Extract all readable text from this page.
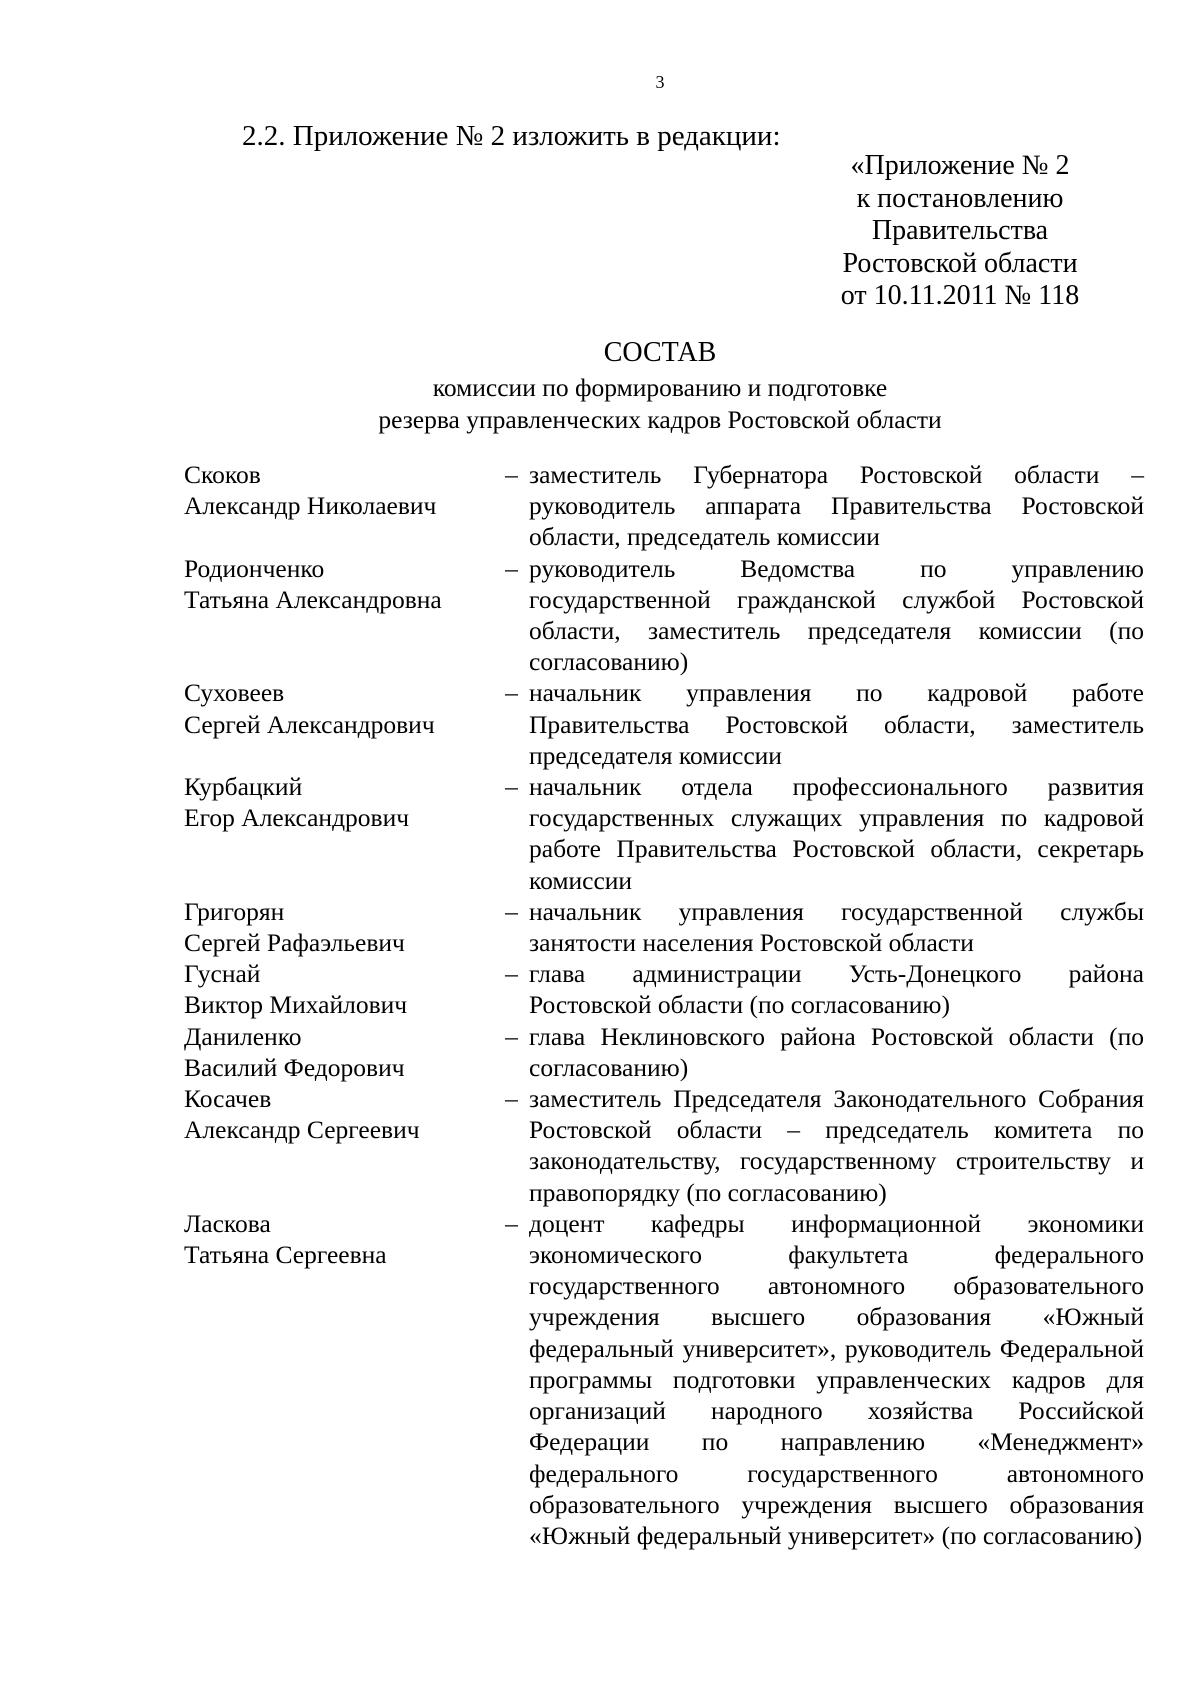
3
2.2. Приложение № 2 изложить в редакции:
«Приложение № 2
к постановлению
Правительства
Ростовской области
от 10.11.2011 № 118
СОСТАВ
комиссии по формированию и подготовке
резерва управленческих кадров Ростовской области
Скоков
Александр Николаевич
– заместитель Губернатора Ростовской области – руководитель аппарата Правительства Ростовской области, председатель комиссии
Родионченко
Татьяна Александровна
– руководитель Ведомства по управлению государственной гражданской службой Ростовской области, заместитель председателя комиссии (по согласованию)
Суховеев
Сергей Александрович
– начальник управления по кадровой работе Правительства Ростовской области, заместитель председателя комиссии
Курбацкий
Егор Александрович
– начальник отдела профессионального развития государственных служащих управления по кадровой работе Правительства Ростовской области, секретарь комиссии
Григорян
Сергей Рафаэльевич
– начальник управления государственной службы занятости населения Ростовской области
Гуснай
Виктор Михайлович
– глава администрации Усть-Донецкого района Ростовской области (по согласованию)
Даниленко
Василий Федорович
– глава Неклиновского района Ростовской области (по согласованию)
Косачев
Александр Сергеевич
– заместитель Председателя Законодательного Собрания Ростовской области – председатель комитета по законодательству, государственному строительству и правопорядку (по согласованию)
Ласкова
Татьяна Сергеевна
– доцент кафедры информационной экономики экономического факультета федерального государственного автономного образовательного учреждения высшего образования «Южный федеральный университет», руководитель Федеральной программы подготовки управленческих кадров для организаций народного хозяйства Российской Федерации по направлению «Менеджмент» федерального государственного автономного образовательного учреждения высшего образования «Южный федеральный университет» (по согласованию)
